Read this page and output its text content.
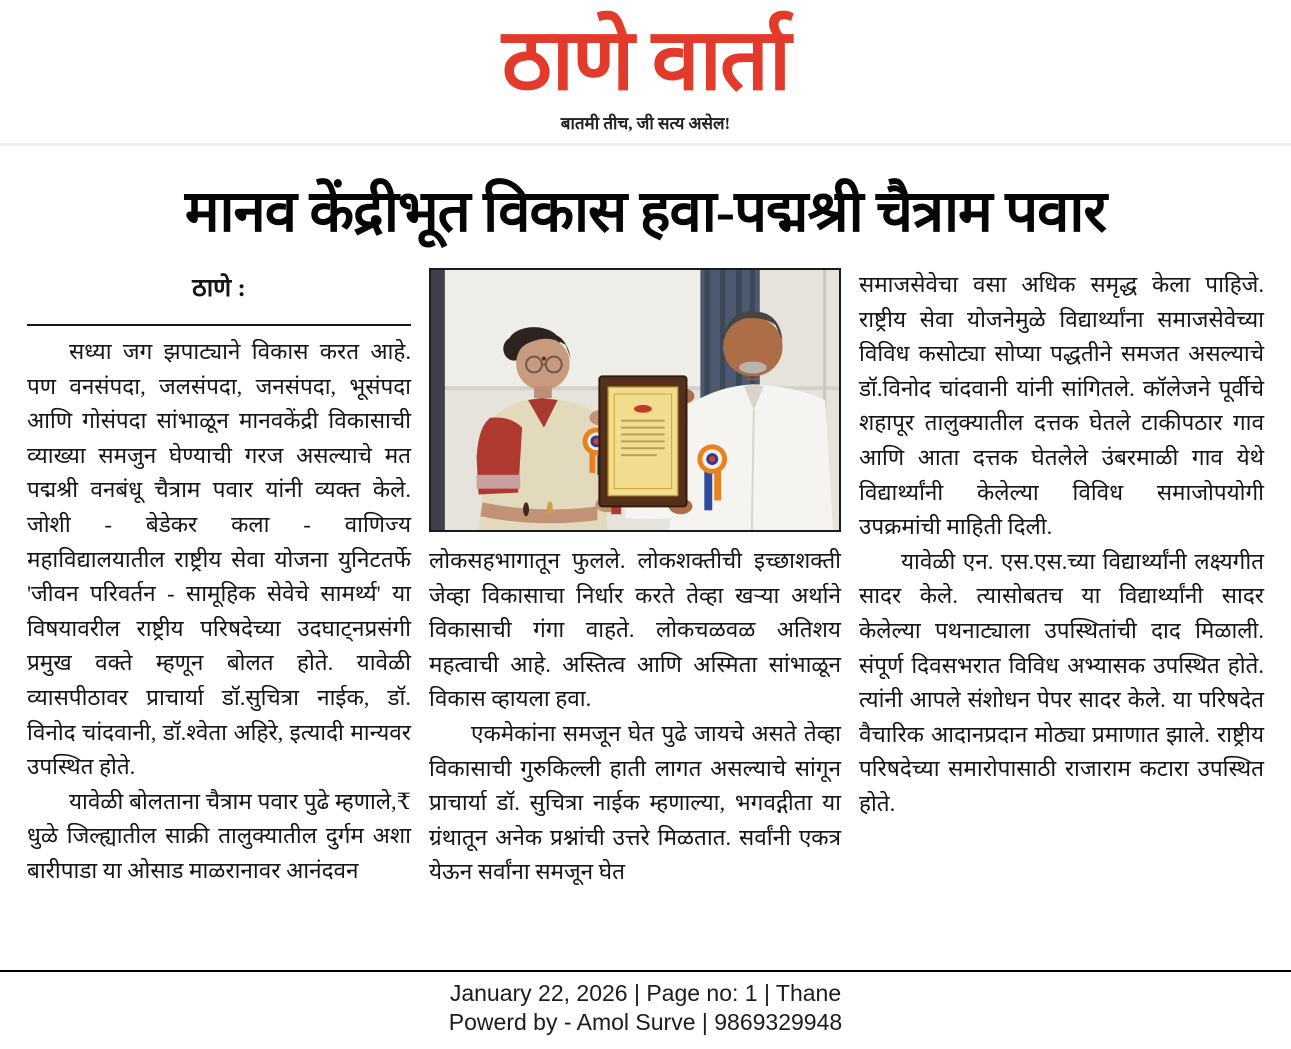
ठाणे वार्ता
बातमी तीच, जी सत्य असेल!
मानव केंद्रीभूत विकास हवा-पद्मश्री चैत्राम पवार
ठाणे :

सध्या जग झपाट्याने विकास करत आहे. पण वनसंपदा, जलसंपदा, जनसंपदा, भूसंपदा आणि गोसंपदा सांभाळून मानवकेंद्री विकासाची व्याख्या समजुन घेण्याची गरज असल्याचे मत पद्मश्री वनबंधू चैत्राम पवार यांनी व्यक्त केले. जोशी - बेडेकर कला - वाणिज्य महाविद्यालयातील राष्ट्रीय सेवा योजना युनिटतर्फे 'जीवन परिवर्तन - सामूहिक सेवेचे सामर्थ्य' या विषयावरील राष्ट्रीय परिषदेच्या उदघाट्नप्रसंगी प्रमुख वक्ते म्हणून बोलत होते. यावेळी व्यासपीठावर प्राचार्या डॉ.सुचित्रा नाईक, डॉ. विनोद चांदवानी, डॉ.श्वेता अहिरे, इत्यादी मान्यवर उपस्थित होते.

यावेळी बोलताना चैत्राम पवार पुढे म्हणाले,₹ धुळे जिल्ह्यातील साक्री तालुक्यातील दुर्गम अशा बारीपाडा या ओसाड माळरानावर आनंदवन

लोकसहभागातून फुलले. लोकशक्तीची इच्छाशक्ती जेव्हा विकासाचा निर्धार करते तेव्हा खऱ्या अर्थाने विकासाची गंगा वाहते. लोकचळवळ अतिशय महत्वाची आहे. अस्तित्व आणि अस्मिता सांभाळून विकास व्हायला हवा.

एकमेकांना समजून घेत पुढे जायचे असते तेव्हा विकासाची गुरुकिल्ली हाती लागत असल्याचे सांगून प्राचार्या डॉ. सुचित्रा नाईक म्हणाल्या, भगवद्गीता या ग्रंथातून अनेक प्रश्नांची उत्तरे मिळतात. सर्वांनी एकत्र येऊन सर्वांना समजून घेत

समाजसेवेचा वसा अधिक समृद्ध केला पाहिजे. राष्ट्रीय सेवा योजनेमुळे विद्यार्थ्यांना समाजसेवेच्या विविध कसोट्या सोप्या पद्धतीने समजत असल्याचे डॉ.विनोद चांदवानी यांनी सांगितले. कॉलेजने पूर्वीचे शहापूर तालुक्यातील दत्तक घेतले टाकीपठार गाव आणि आता दत्तक घेतलेले उंबरमाळी गाव येथे विद्यार्थ्यांनी केलेल्या विविध समाजोपयोगी उपक्रमांची माहिती दिली.

यावेळी एन. एस.एस.च्या विद्यार्थ्यांनी लक्ष्यगीत सादर केले. त्यासोबतच या विद्यार्थ्यांनी सादर केलेल्या पथनाट्याला उपस्थितांची दाद मिळाली. संपूर्ण दिवसभरात विविध अभ्यासक उपस्थित होते. त्यांनी आपले संशोधन पेपर सादर केले. या परिषदेत वैचारिक आदानप्रदान मोठ्या प्रमाणात झाले. राष्ट्रीय परिषदेच्या समारोपासाठी राजाराम कटारा उपस्थित होते.

January 22, 2026 | Page no: 1 | Thane
Powerd by - Amol Surve | 9869329948
